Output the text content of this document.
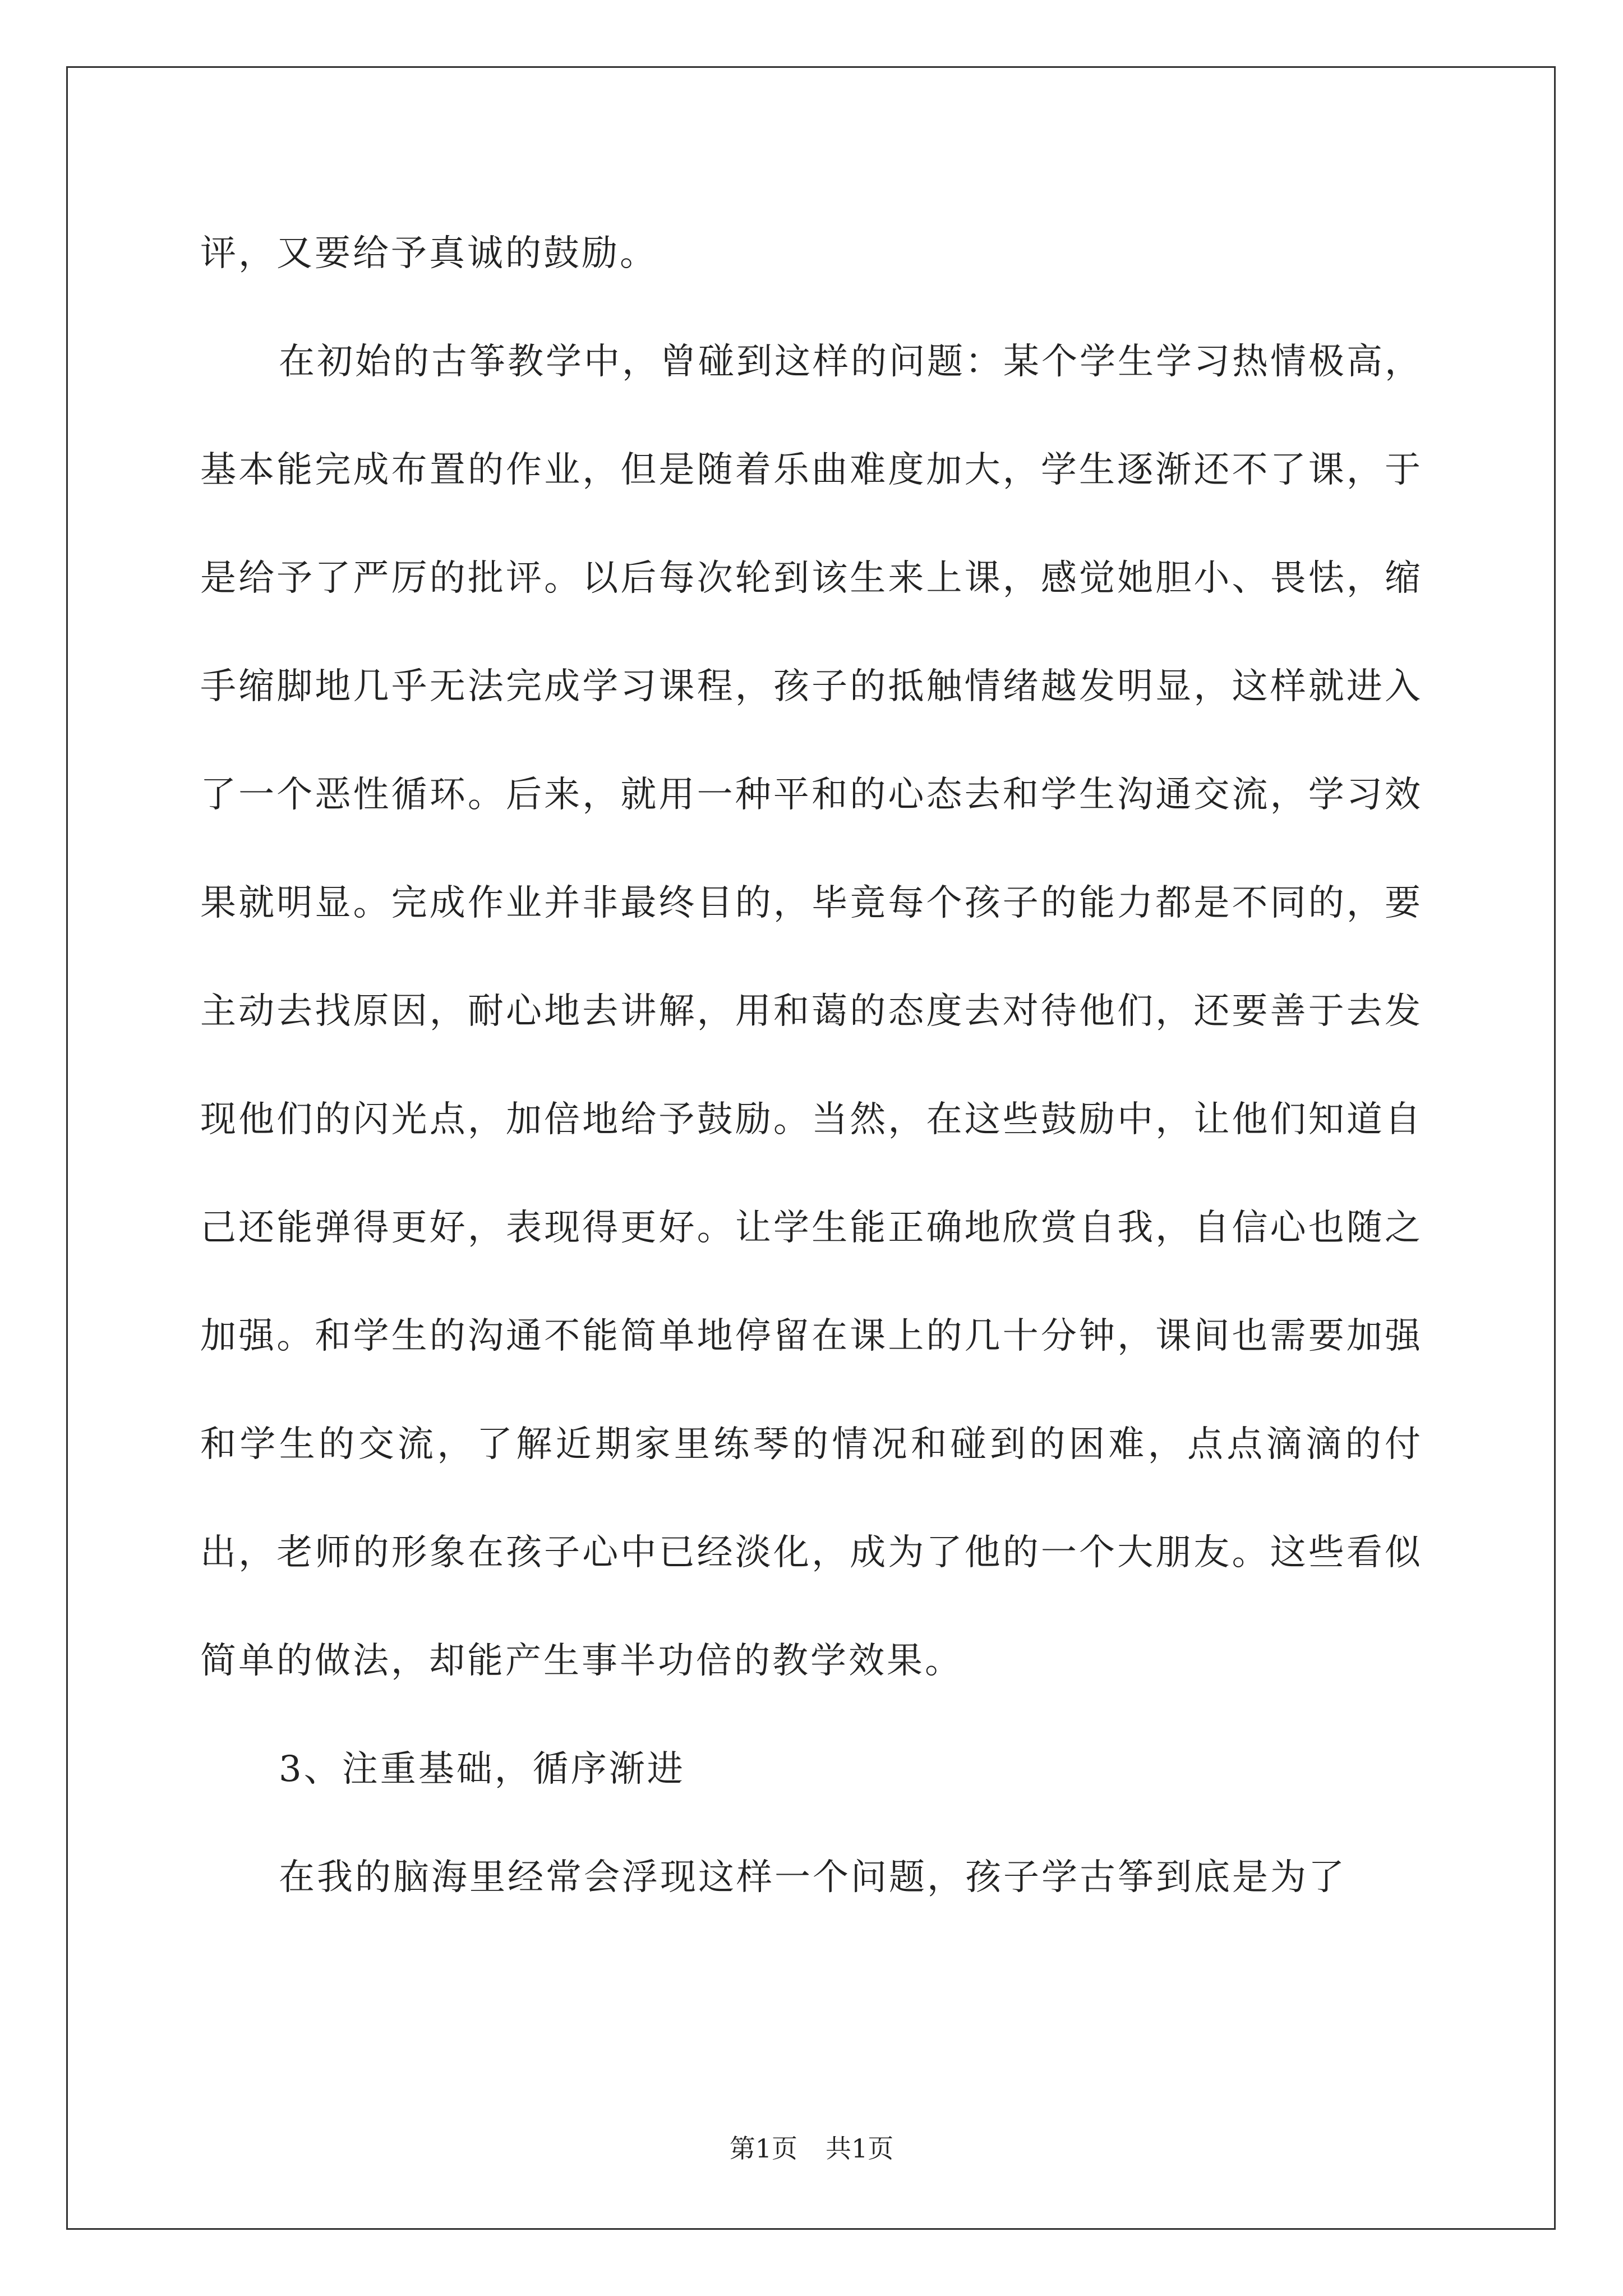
评，又要给予真诚的鼓励。

在初始的古筝教学中，曾碰到这样的问题：某个学生学习热情极高，基本能完成布置的作业，但是随着乐曲难度加大，学生逐渐还不了课，于是给予了严厉的批评。以后每次轮到该生来上课，感觉她胆小、畏怯，缩手缩脚地几乎无法完成学习课程，孩子的抵触情绪越发明显，这样就进入了一个恶性循环。后来，就用一种平和的心态去和学生沟通交流，学习效果就明显。完成作业并非最终目的，毕竟每个孩子的能力都是不同的，要主动去找原因，耐心地去讲解，用和蔼的态度去对待他们，还要善于去发现他们的闪光点，加倍地给予鼓励。当然，在这些鼓励中，让他们知道自己还能弹得更好，表现得更好。让学生能正确地欣赏自我，自信心也随之加强。和学生的沟通不能简单地停留在课上的几十分钟，课间也需要加强和学生的交流，了解近期家里练琴的情况和碰到的困难，点点滴滴的付出，老师的形象在孩子心中已经淡化，成为了他的一个大朋友。这些看似简单的做法，却能产生事半功倍的教学效果。

3、注重基础，循序渐进

在我的脑海里经常会浮现这样一个问题，孩子学古筝到底是为了

第1页 共1页
